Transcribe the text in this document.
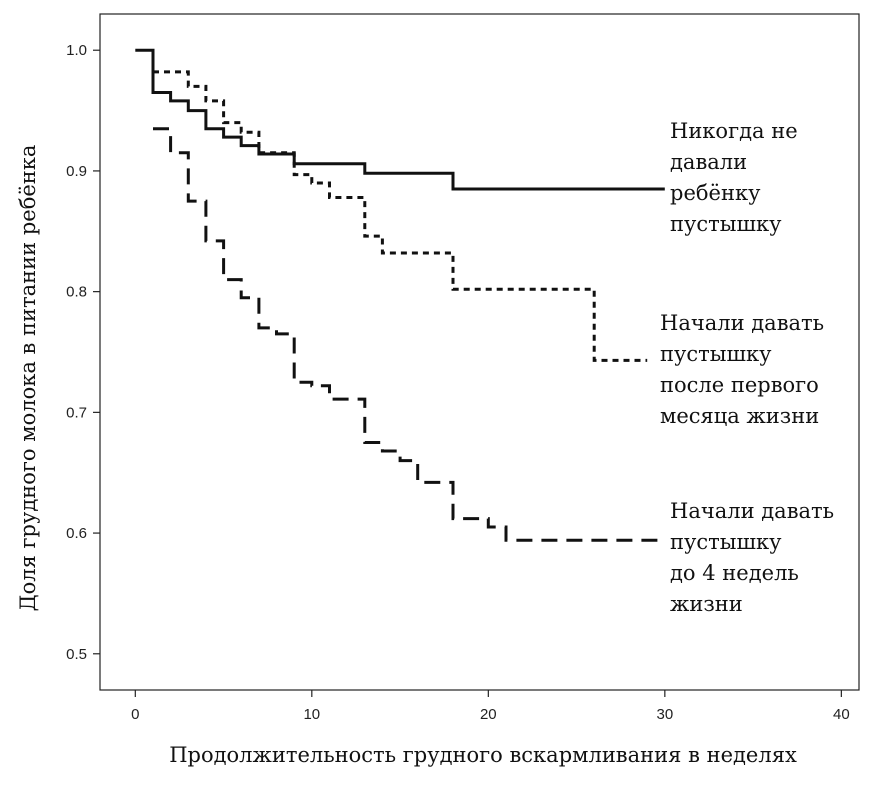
0	10	20	30	40
1.0
0.9
0.8
0.7
0.6
0.5
Никогда не давали ребёнку пустышку
Начали давать пустышку после первого месяца жизни
Начали давать пустышку до 4 недель жизни
Продолжительность грудного вскармливания в неделях
Доля грудного молока в питании ребёнка
